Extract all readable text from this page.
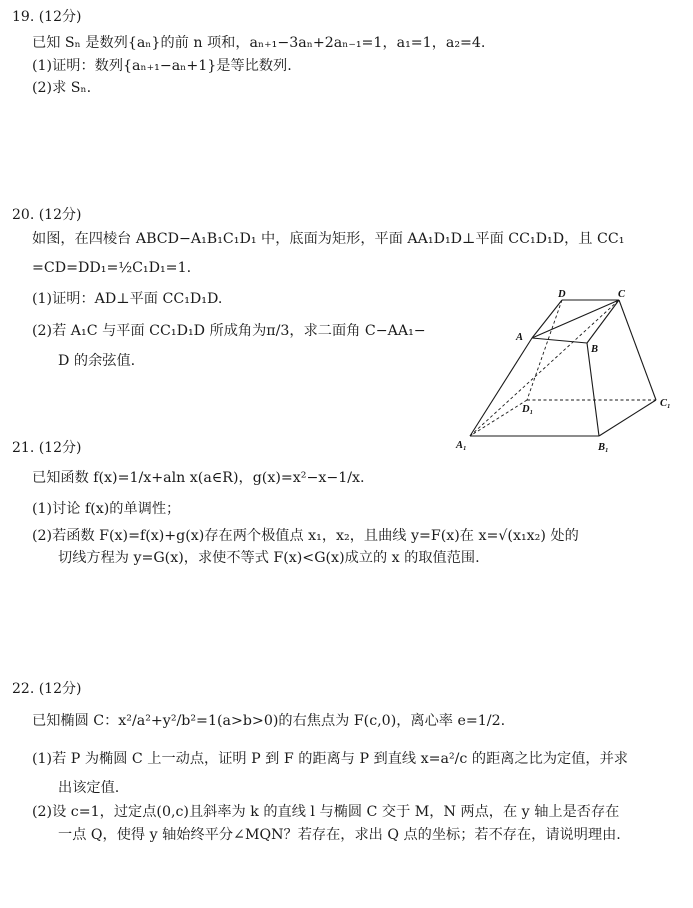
19. (12分)
已知 Sₙ 是数列{aₙ}的前 n 项和，aₙ₊₁−3aₙ+2aₙ₋₁=1，a₁=1，a₂=4.
(1)证明：数列{aₙ₊₁−aₙ+1}是等比数列.
(2)求 Sₙ.
20. (12分)
如图，在四棱台 ABCD−A₁B₁C₁D₁ 中，底面为矩形，平面 AA₁D₁D⊥平面 CC₁D₁D，且 CC₁
=CD=DD₁=½C₁D₁=1.
(1)证明：AD⊥平面 CC₁D₁D.
(2)若 A₁C 与平面 CC₁D₁D 所成角为π/3，求二面角 C−AA₁−
D 的余弦值.
D	C
A
B
D₁
C₁
A₁	B₁
21. (12分)
已知函数 f(x)=1/x+aln x(a∈R)，g(x)=x²−x−1/x.
(1)讨论 f(x)的单调性；
(2)若函数 F(x)=f(x)+g(x)存在两个极值点 x₁，x₂，且曲线 y=F(x)在 x=√(x₁x₂) 处的
切线方程为 y=G(x)，求使不等式 F(x)<G(x)成立的 x 的取值范围.
22. (12分)
已知椭圆 C：x²/a²+y²/b²=1(a>b>0)的右焦点为 F(c,0)，离心率 e=1/2.
(1)若 P 为椭圆 C 上一动点，证明 P 到 F 的距离与 P 到直线 x=a²/c 的距离之比为定值，并求
出该定值.
(2)设 c=1，过定点(0,c)且斜率为 k 的直线 l 与椭圆 C 交于 M，N 两点，在 y 轴上是否存在
一点 Q，使得 y 轴始终平分∠MQN？若存在，求出 Q 点的坐标；若不存在，请说明理由.
